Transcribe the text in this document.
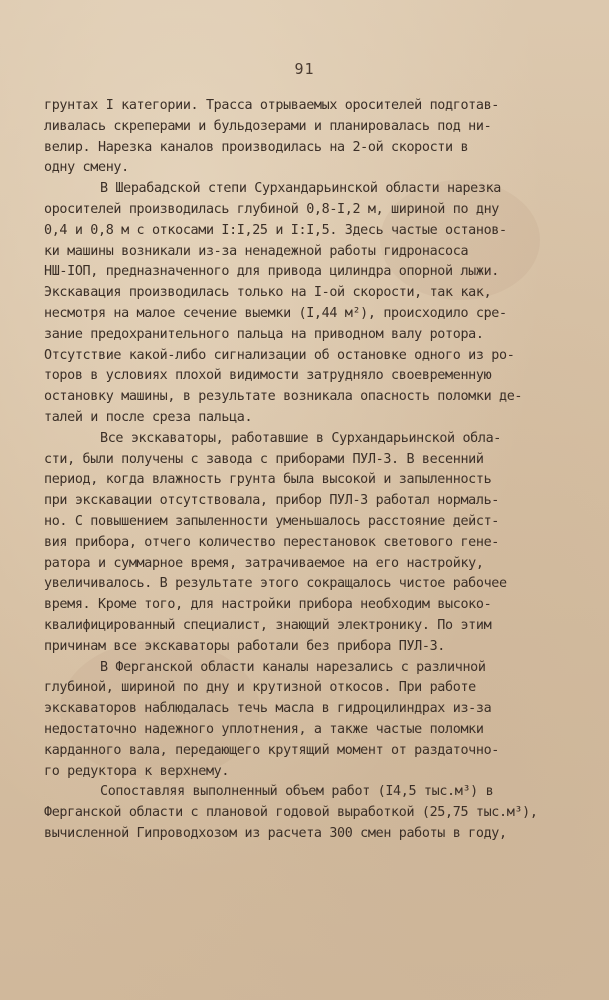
91
грунтах I категории. Трасса отрываемых оросителей подготав-
ливалась скреперами и бульдозерами и планировалась под ни-
велир. Нарезка каналов производилась на 2-ой скорости в
одну смену.
В Шерабадской степи Сурхандарьинской области нарезка
оросителей производилась глубиной 0,8-I,2 м, шириной по дну
0,4 и 0,8 м с откосами I:I,25 и I:I,5. Здесь частые останов-
ки машины возникали из-за ненадежной работы гидронасоса
НШ-IОП, предназначенного для привода цилиндра опорной лыжи.
Экскавация производилась только на I-ой скорости, так как,
несмотря на малое сечение выемки (I,44 м²), происходило сре-
зание предохранительного пальца на приводном валу ротора.
Отсутствие какой-либо сигнализации об остановке одного из ро-
торов в условиях плохой видимости затрудняло своевременную
остановку машины, в результате возникала опасность поломки де-
талей и после среза пальца.
Все экскаваторы, работавшие в Сурхандарьинской обла-
сти, были получены с завода с приборами ПУЛ-3. В весенний
период, когда влажность грунта была высокой и запыленность
при экскавации отсутствовала, прибор ПУЛ-3 работал нормаль-
но. С повышением запыленности уменьшалось расстояние дейст-
вия прибора, отчего количество перестановок светового гене-
ратора и суммарное время, затрачиваемое на его настройку,
увеличивалось. В результате этого сокращалось чистое рабочее
время. Кроме того, для настройки прибора необходим высоко-
квалифицированный специалист, знающий электронику. По этим
причинам все экскаваторы работали без прибора ПУЛ-3.
В Ферганской области каналы нарезались с различной
глубиной, шириной по дну и крутизной откосов. При работе
экскаваторов наблюдалась течь масла в гидроцилиндрах из-за
недостаточно надежного уплотнения, а также частые поломки
карданного вала, передающего крутящий момент от раздаточно-
го редуктора к верхнему.
Сопоставляя выполненный объем работ (I4,5 тыс.м³) в
Ферганской области с плановой годовой выработкой (25,75 тыс.м³),
вычисленной Гипроводхозом из расчета 300 смен работы в году,
